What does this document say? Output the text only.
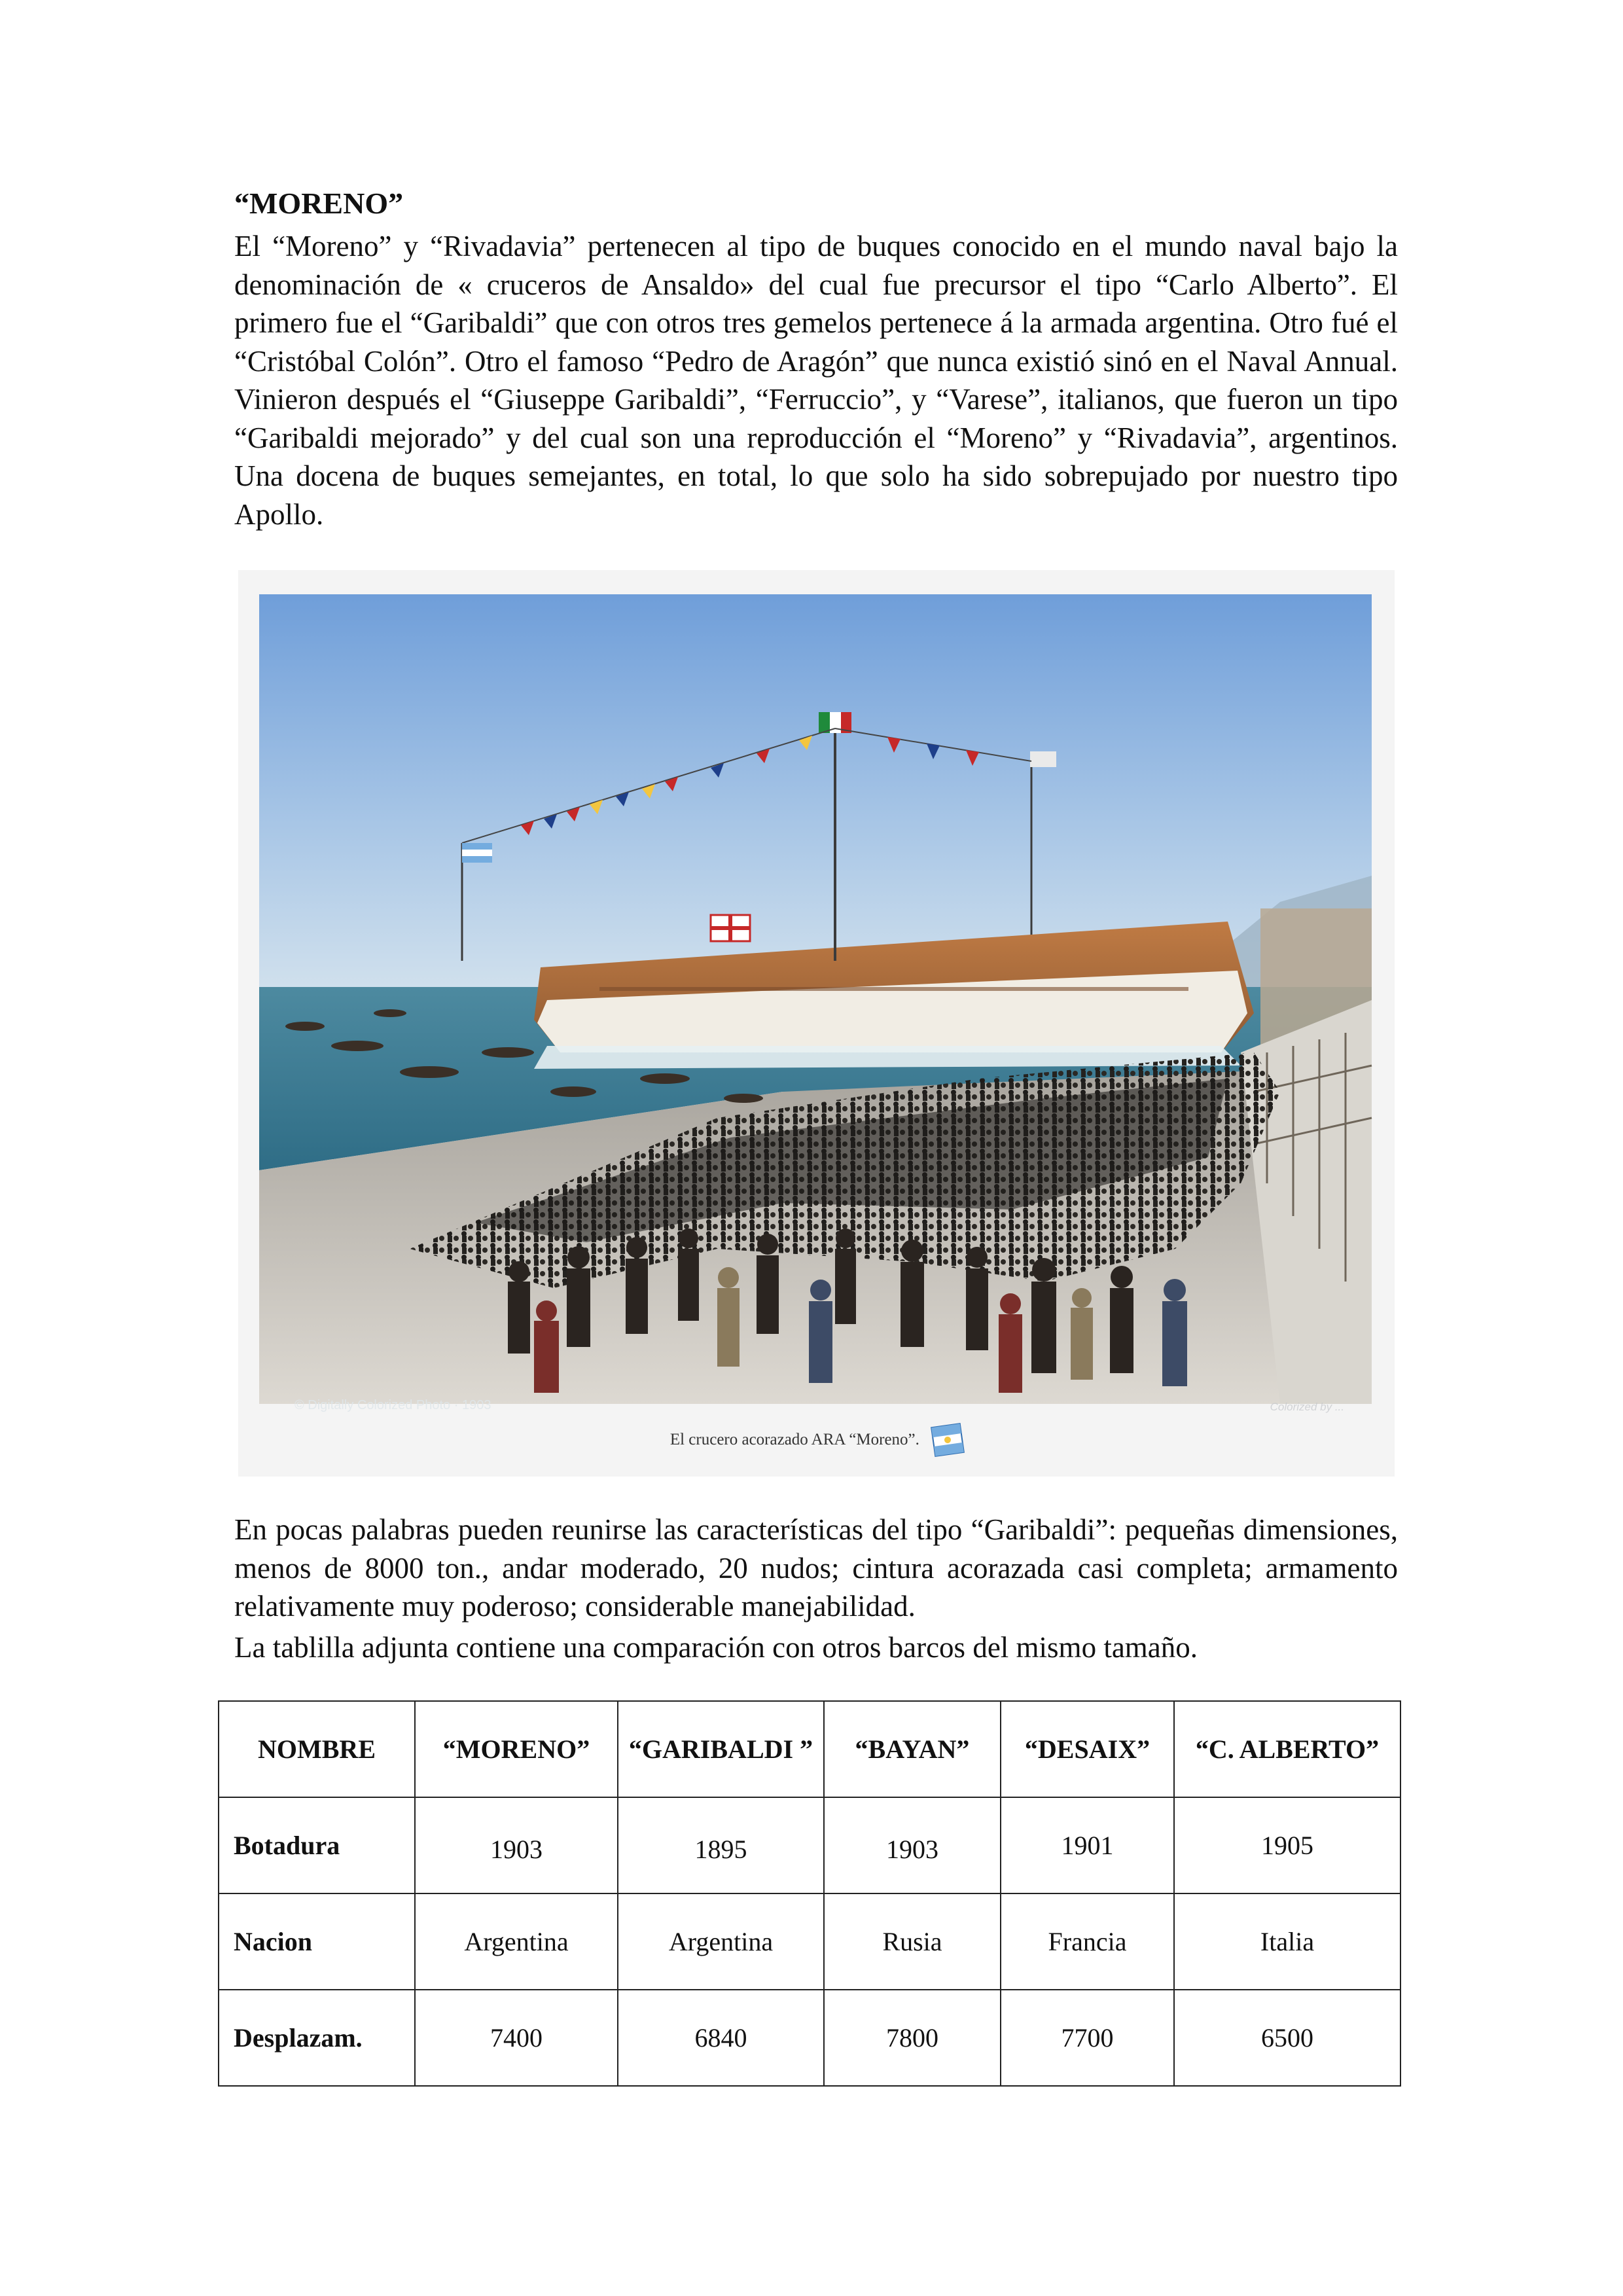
“MORENO”

El “Moreno” y “Rivadavia” pertenecen al tipo de buques conocido en el mundo naval bajo la denominación de « cruceros de Ansaldo» del cual fue precursor el tipo “Carlo Alberto”. El primero fue el “Garibaldi” que con otros tres gemelos pertenece á la armada argentina. Otro fué el “Cristóbal Colón”. Otro el famoso “Pedro de Aragón” que nunca existió sinó en el Naval Annual. Vinieron después el “Giuseppe Garibaldi”, “Ferruccio”, y “Varese”, italianos, que fueron un tipo “Garibaldi mejorado” y del cual son una reproducción el “Moreno” y “Rivadavia”, argentinos. Una docena de buques semejantes, en total, lo que solo ha sido sobrepujado por nuestro tipo Apollo.

© Digitally Colorized Photo · 1903	Colorized by ...
El crucero acorazado ARA “Moreno”.

En pocas palabras pueden reunirse las características del tipo “Garibaldi”: pequeñas dimensiones, menos de 8000 ton., andar moderado, 20 nudos; cintura acorazada casi completa; armamento relativamente muy poderoso; considerable manejabilidad.

La tablilla adjunta contiene una comparación con otros barcos del mismo tamaño.

NOMBRE	“MORENO”	“GARIBALDI ”	“BAYAN”	“DESAIX”	“C. ALBERTO”
Botadura	1903	1895	1903	1901	1905
Nacion	Argentina	Argentina	Rusia	Francia	Italia
Desplazam.	7400	6840	7800	7700	6500
